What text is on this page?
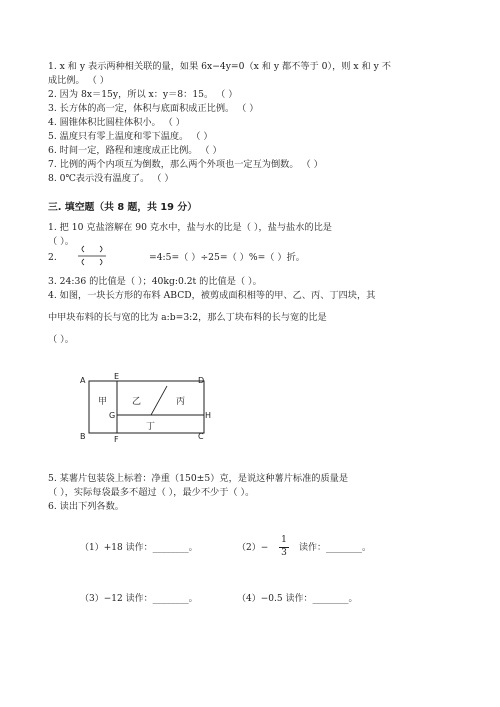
1. x 和 y 表示两种相关联的量，如果 6x−4y=0（x 和 y 都不等于 0），则 x 和 y 不
成比例。 （ ）
2. 因为 8x＝15y，所以 x：y＝8：15。 （ ）
3. 长方体的高一定，体积与底面积成正比例。 （ ）
4. 圆锥体积比圆柱体积小。 （ ）
5. 温度只有零上温度和零下温度。 （ ）
6. 时间一定，路程和速度成正比例。 （ ）
7. 比例的两个内项互为倒数，那么两个外项也一定互为倒数。 （ ）
8. 0℃表示没有温度了。 （ ）
三. 填空题（共 8 题，共 19 分）
1. 把 10 克盐溶解在 90 克水中，盐与水的比是（ ），盐与盐水的比是
（ ）。
2.	=4:5=（ ）÷25=（ ）%=（ ）折。
3. 24:36 的比值是（ ）；40kg:0.2t 的比值是（ ）。
4. 如图，一块长方形的布料 ABCD，被剪成面积相等的甲、乙、丙、丁四块，其
中甲块布料的长与宽的比为 a:b=3:2，那么丁块布料的长与宽的比是
（ ）。
A
B	C
D
E
F
G	H
甲	乙	丙
丁
5. 某薯片包装袋上标着：净重（150±5）克，是说这种薯片标准的质量是
（ ），实际每袋最多不超过（ ），最少不少于（ ）。
6. 读出下列各数。
（1）+18 读作：________。	（2）−
1
3	读作：________。
（3）−12 读作：________。	（4）−0.5 读作：________。
